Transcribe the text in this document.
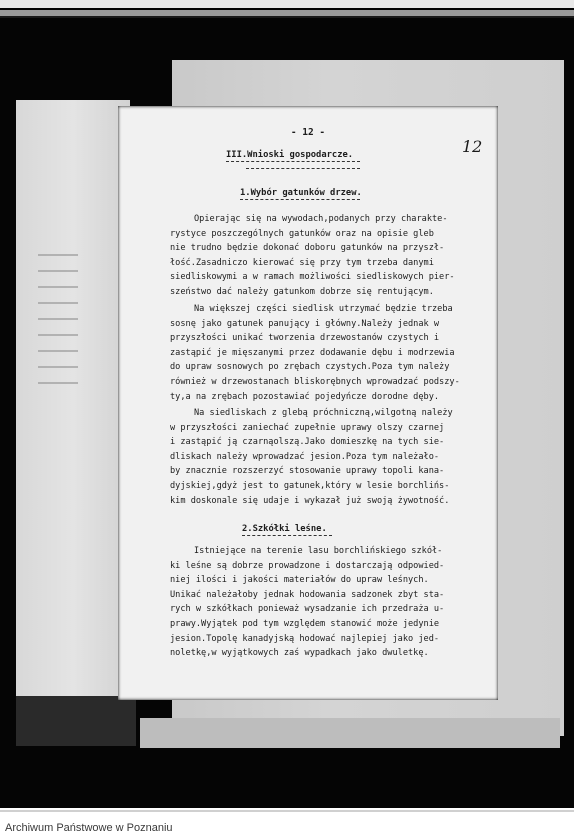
- 12 -
12
III.Wnioski gospodarcze.
1.Wybór gatunków drzew.
Opierając się na wywodach,podanych przy charakte-
rystyce poszczególnych gatunków oraz na opisie gleb
nie trudno będzie dokonać doboru gatunków na przyszł-
łość.Zasadniczo kierować się przy tym trzeba danymi
siedliskowymi a w ramach możliwości siedliskowych pier-
szeństwo dać należy gatunkom dobrze się rentującym.
Na większej części siedlisk utrzymać będzie trzeba
sosnę jako gatunek panujący i główny.Należy jednak w
przyszłości unikać tworzenia drzewostanów czystych i
zastąpić je mięszanymi przez dodawanie dębu i modrzewia
do upraw sosnowych po zrębach czystych.Poza tym należy
również w drzewostanach bliskorębnych wprowadzać podszy-
ty,a na zrębach pozostawiać pojedyńcze dorodne dęby.
Na siedliskach z glebą próchniczną,wilgotną należy
w przyszłości zaniechać zupełnie uprawy olszy czarnej
i zastąpić ją czarnąolszą.Jako domieszkę na tych sie-
dliskach należy wprowadzać jesion.Poza tym należało-
by znacznie rozszerzyć stosowanie uprawy topoli kana-
dyjskiej,gdyż jest to gatunek,który w lesie borchlińs-
kim doskonale się udaje i wykazał już swoją żywotność.
2.Szkółki leśne.
Istniejące na terenie lasu borchlińskiego szkół-
ki leśne są dobrze prowadzone i dostarczają odpowied-
niej ilości i jakości materiałów do upraw leśnych.
Unikać należałoby jednak hodowania sadzonek zbyt sta-
rych w szkółkach ponieważ wysadzanie ich przedraża u-
prawy.Wyjątek pod tym względem stanowić może jedynie
jesion.Topolę kanadyjską hodować najlepiej jako jed-
noletkę,w wyjątkowych zaś wypadkach jako dwuletkę.
Archiwum Państwowe w Poznaniu
